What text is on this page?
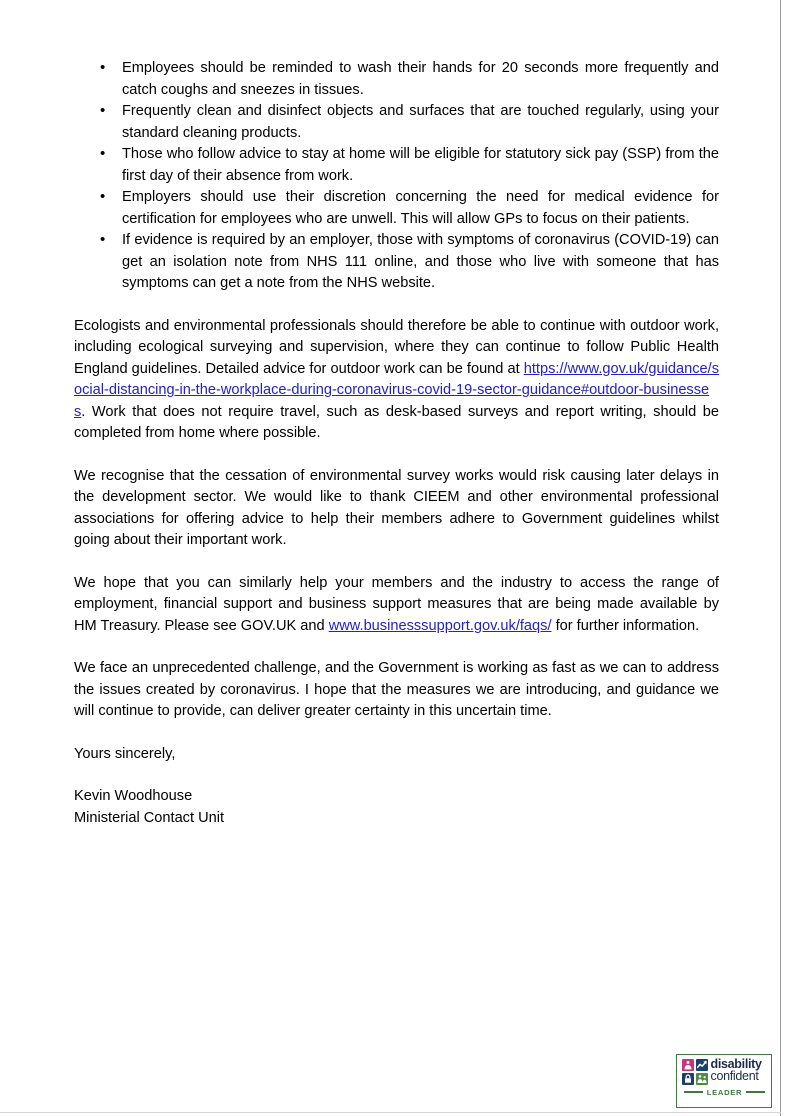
• Employees should be reminded to wash their hands for 20 seconds more frequently and catch coughs and sneezes in tissues.
• Frequently clean and disinfect objects and surfaces that are touched regularly, using your standard cleaning products.
• Those who follow advice to stay at home will be eligible for statutory sick pay (SSP) from the first day of their absence from work.
• Employers should use their discretion concerning the need for medical evidence for certification for employees who are unwell. This will allow GPs to focus on their patients.
• If evidence is required by an employer, those with symptoms of coronavirus (COVID-19) can get an isolation note from NHS 111 online, and those who live with someone that has symptoms can get a note from the NHS website.

Ecologists and environmental professionals should therefore be able to continue with outdoor work, including ecological surveying and supervision, where they can continue to follow Public Health England guidelines. Detailed advice for outdoor work can be found at https://www.gov.uk/guidance/social-distancing-in-the-workplace-during-coronavirus-covid-19-sector-guidance#outdoor-businesses. Work that does not require travel, such as desk-based surveys and report writing, should be completed from home where possible.

We recognise that the cessation of environmental survey works would risk causing later delays in the development sector. We would like to thank CIEEM and other environmental professional associations for offering advice to help their members adhere to Government guidelines whilst going about their important work.

We hope that you can similarly help your members and the industry to access the range of employment, financial support and business support measures that are being made available by HM Treasury. Please see GOV.UK and www.businesssupport.gov.uk/faqs/ for further information.

We face an unprecedented challenge, and the Government is working as fast as we can to address the issues created by coronavirus. I hope that the measures we are introducing, and guidance we will continue to provide, can deliver greater certainty in this uncertain time.

Yours sincerely,

Kevin Woodhouse
Ministerial Contact Unit

disability
confident
LEADER
